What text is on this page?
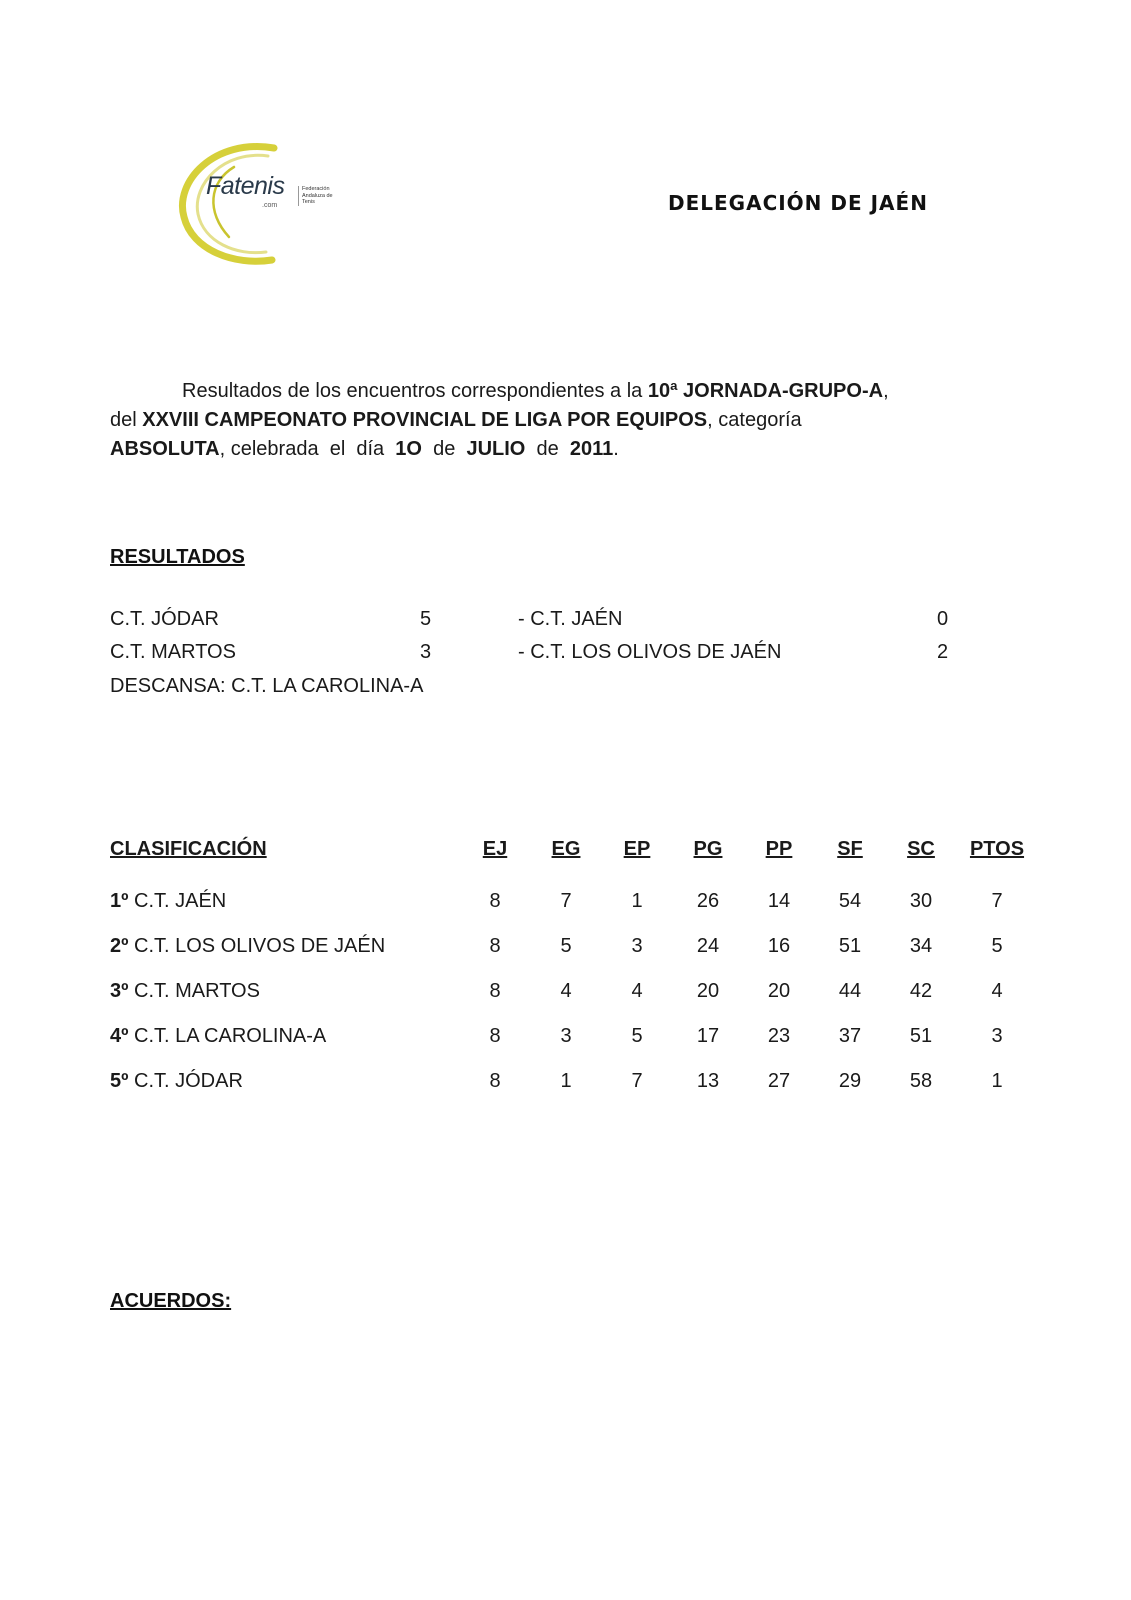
Fatenis
.com
Federación Andaluza de Tenis	DELEGACIÓN DE JAÉN
Resultados de los encuentros correspondientes a la 10ª JORNADA-GRUPO-A,
del XXVIII CAMPEONATO PROVINCIAL DE LIGA POR EQUIPOS, categoría
ABSOLUTA, celebrada  el  día  1O  de  JULIO  de  2011.
RESULTADOS
C.T. JÓDAR	5	- C.T. JAÉN	0
C.T. MARTOS	3	- C.T. LOS OLIVOS DE JAÉN	2
DESCANSA: C.T. LA CAROLINA-A
CLASIFICACIÓN	EJ	EG	EP	PG	PP	SF	SC	PTOS
1º C.T. JAÉN	8	7	1	26	14	54	30	7
2º C.T. LOS OLIVOS DE JAÉN	8	5	3	24	16	51	34	5
3º C.T. MARTOS	8	4	4	20	20	44	42	4
4º C.T. LA CAROLINA-A	8	3	5	17	23	37	51	3
5º C.T. JÓDAR	8	1	7	13	27	29	58	1
ACUERDOS:
